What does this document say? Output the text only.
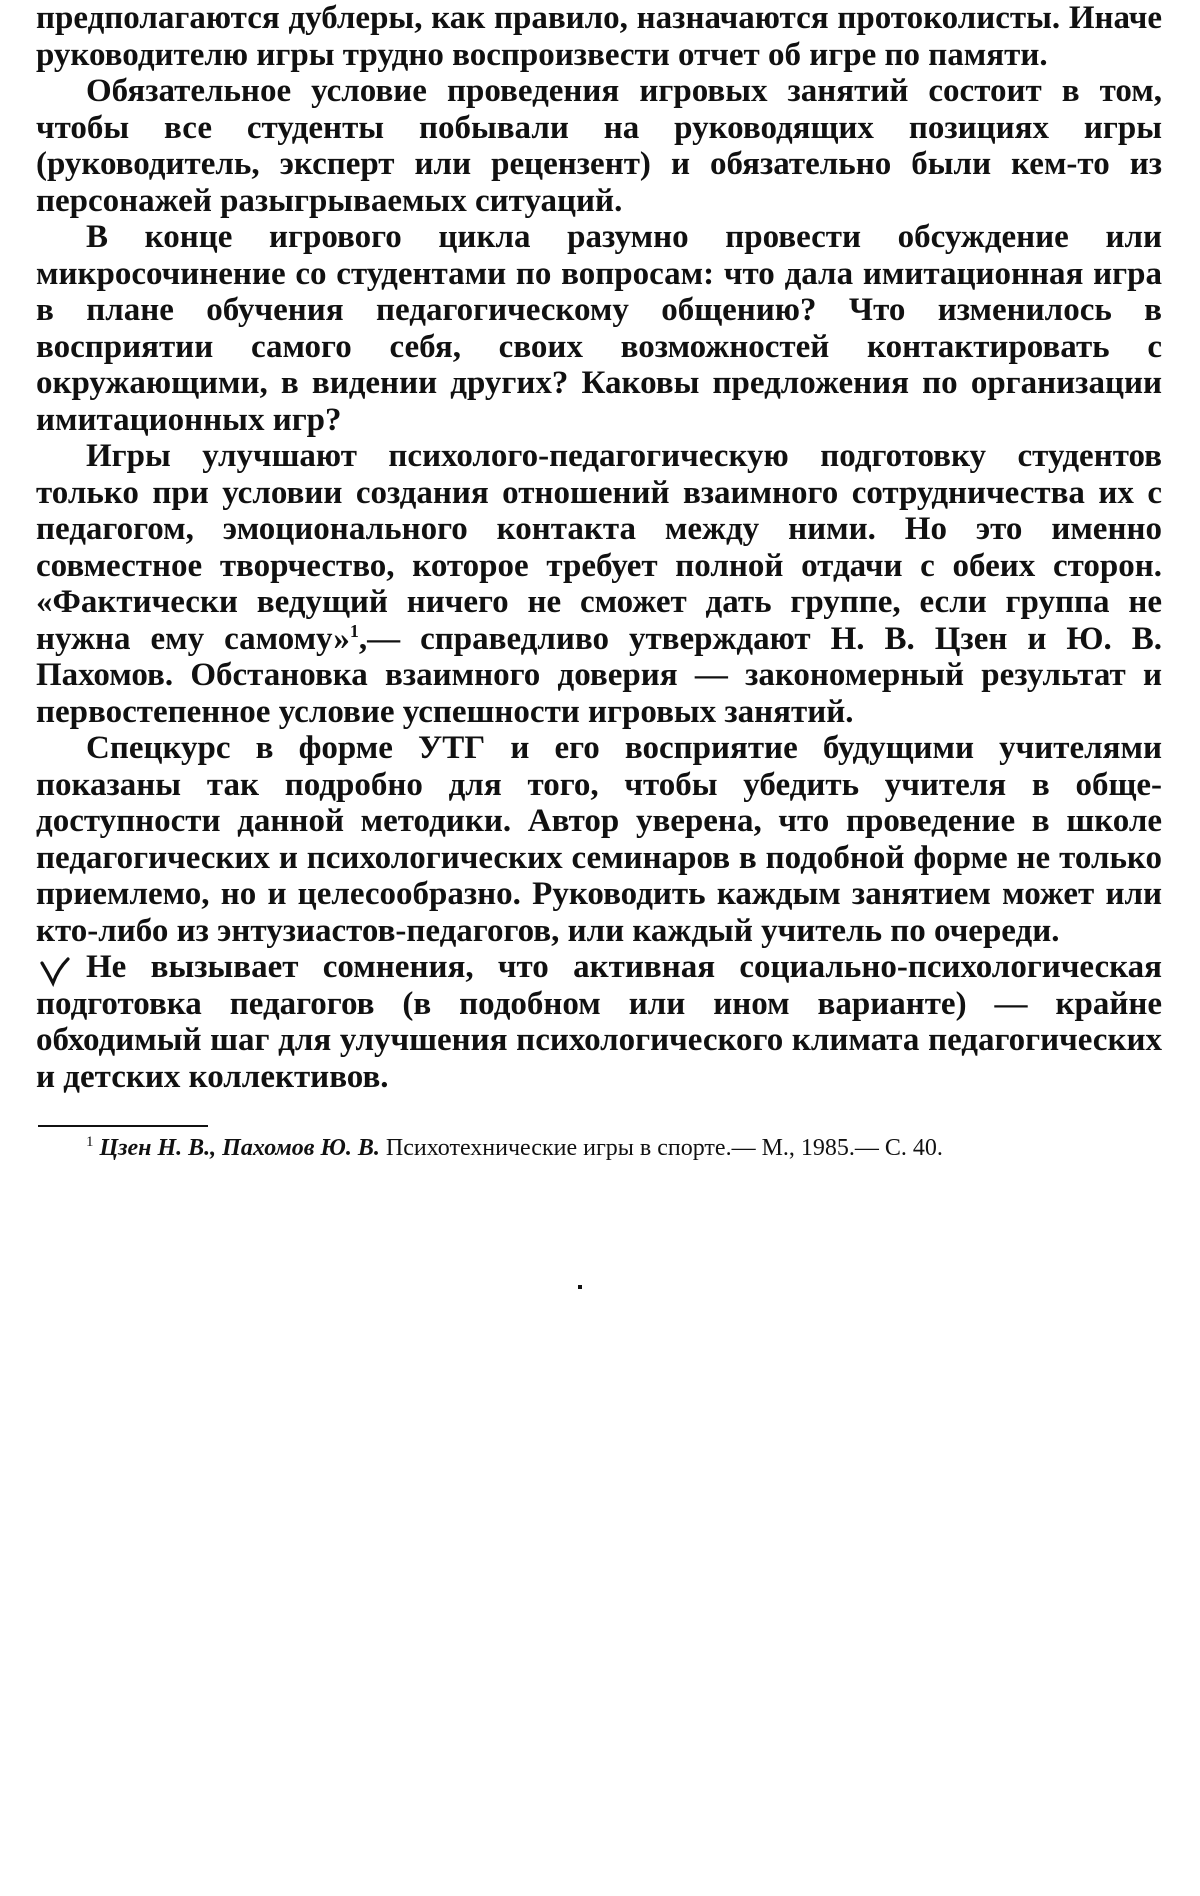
предполагаются дублеры, как правило, назначаются протоколисты. Иначе руководителю игры трудно воспроизвести отчет об игре по памяти.

Обязательное условие проведения игровых занятий состоит в том, чтобы все студенты побывали на руководящих позициях игры (руководитель, эксперт или рецензент) и обязательно были кем-то из персонажей разыгрываемых ситуаций.

В конце игрового цикла разумно провести обсуждение или микросочинение со студентами по вопросам: что дала имитационная игра в плане обучения педагогическому общению? Что изменилось в восприятии самого себя, своих возможностей контактировать с окружающими, в видении других? Каковы предложения по организации имитационных игр?

Игры улучшают психолого-педагогическую подготовку студентов только при условии создания отношений взаимного сотрудничества их с педагогом, эмоционального контакта между ними. Но это именно совместное творчество, которое требует полной отдачи с обеих сторон. «Фактически ведущий ничего не сможет дать группе, если группа не нужна ему самому»$^1$,— справедливо утверждают Н. В. Цзен и Ю. В. Пахомов. Обстановка взаимного доверия — закономерный результат и первостепенное условие успешности игровых занятий.

Спецкурс в форме УТГ и его восприятие будущими учителями показаны так подробно для того, чтобы убедить учителя в общедоступности данной методики. Автор уверена, что проведение в школе педагогических и психологических семинаров в подобной форме не только приемлемо, но и целесообразно. Руководить каждым занятием может или кто-либо из энтузиастов-педагогов, или каждый учитель по очереди.

Не вызывает сомнения, что активная социально-психологическая подготовка педагогов (в подобном или ином варианте) — крайне обходимый шаг для улучшения психологического климата педагогических и детских коллективов.

$^1$ Цзен Н. В., Пахомов Ю. В. Психотехнические игры в спорте.— М., 1985.— С. 40.
